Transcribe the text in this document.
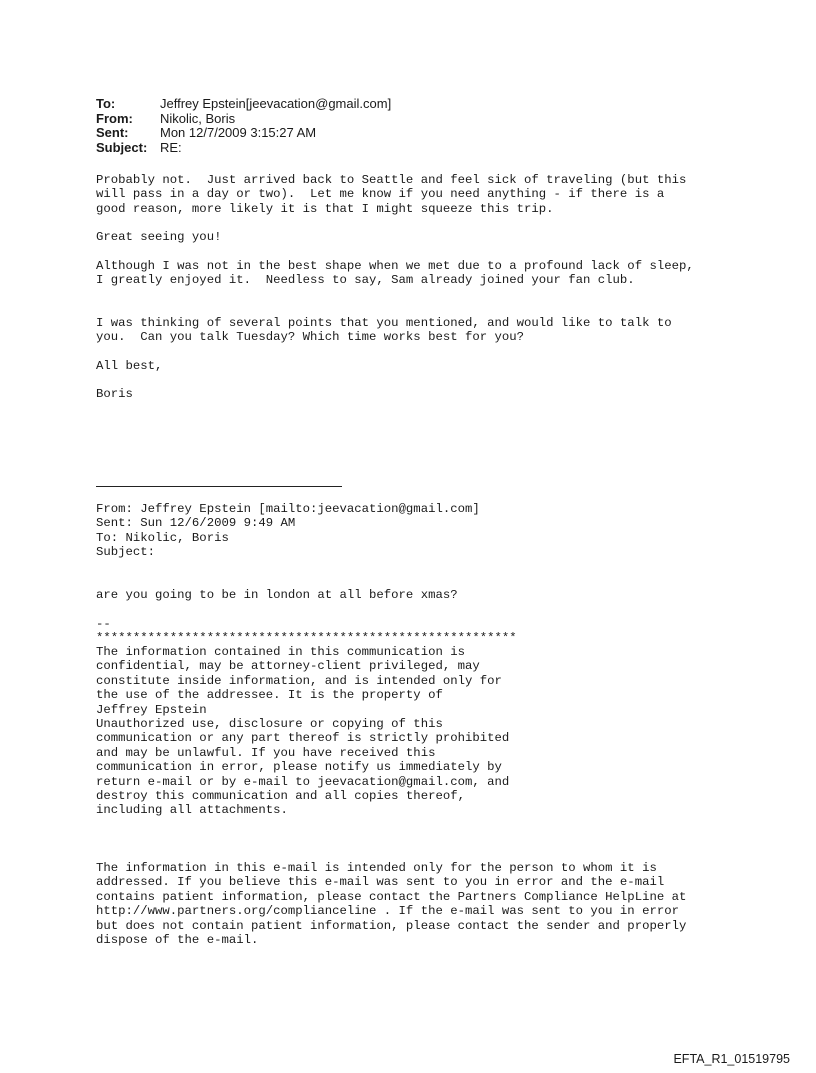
To:	Jeffrey Epstein[jeevacation@gmail.com]
From:	Nikolic, Boris
Sent:	Mon 12/7/2009 3:15:27 AM
Subject: RE:

Probably not.  Just arrived back to Seattle and feel sick of traveling (but this
will pass in a day or two).  Let me know if you need anything - if there is a
good reason, more likely it is that I might squeeze this trip.

Great seeing you!

Although I was not in the best shape when we met due to a profound lack of sleep,
I greatly enjoyed it.  Needless to say, Sam already joined your fan club.

I was thinking of several points that you mentioned, and would like to talk to
you.  Can you talk Tuesday? Which time works best for you?

All best,

Boris

From: Jeffrey Epstein [mailto:jeevacation@gmail.com]
Sent: Sun 12/6/2009 9:49 AM
To: Nikolic, Boris
Subject:

are you going to be in london at all before xmas?

--

*********************************************************

The information contained in this communication is
confidential, may be attorney-client privileged, may
constitute inside information, and is intended only for
the use of the addressee. It is the property of
Jeffrey Epstein
Unauthorized use, disclosure or copying of this
communication or any part thereof is strictly prohibited
and may be unlawful. If you have received this
communication in error, please notify us immediately by
return e-mail or by e-mail to jeevacation@gmail.com, and
destroy this communication and all copies thereof,
including all attachments.

The information in this e-mail is intended only for the person to whom it is
addressed. If you believe this e-mail was sent to you in error and the e-mail
contains patient information, please contact the Partners Compliance HelpLine at
http://www.partners.org/complianceline . If the e-mail was sent to you in error
but does not contain patient information, please contact the sender and properly
dispose of the e-mail.

EFTA_R1_01519795
